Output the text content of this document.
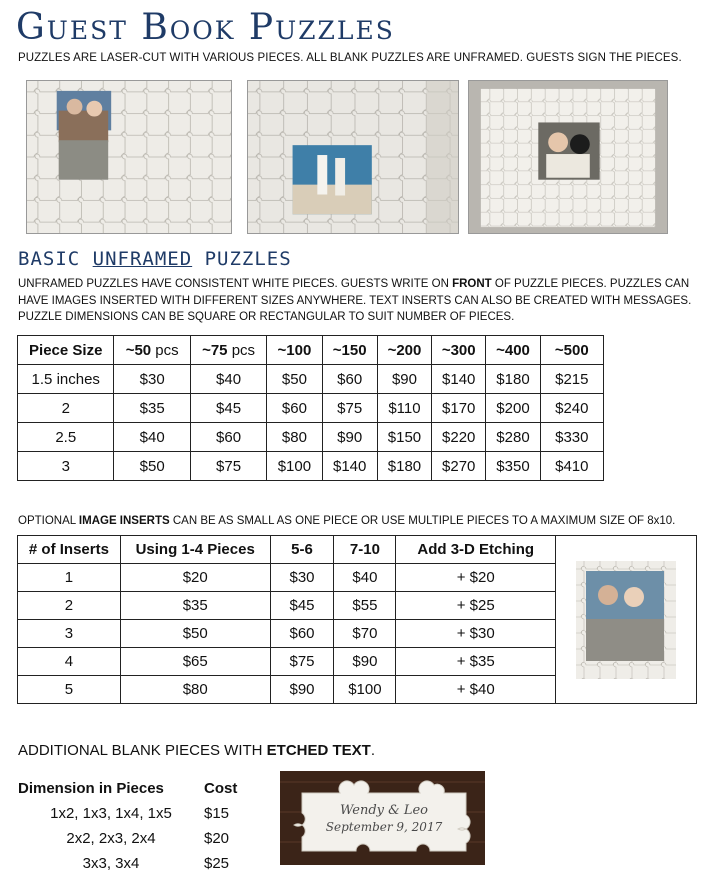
Guest Book Puzzles
PUZZLES ARE LASER-CUT WITH VARIOUS PIECES. ALL BLANK PUZZLES ARE UNFRAMED. GUESTS SIGN THE PIECES.
BASIC UNFRAMED PUZZLES
UNFRAMED PUZZLES HAVE CONSISTENT WHITE PIECES. GUESTS WRITE ON FRONT OF PUZZLE PIECES. PUZZLES CAN HAVE IMAGES INSERTED WITH DIFFERENT SIZES ANYWHERE. TEXT INSERTS CAN ALSO BE CREATED WITH MESSAGES. PUZZLE DIMENSIONS CAN BE SQUARE OR RECTANGULAR TO SUIT NUMBER OF PIECES.
Piece Size	~50 pcs	~75 pcs	~100	~150	~200	~300	~400	~500
1.5 inches	$30	$40	$50	$60	$90	$140	$180	$215
2	$35	$45	$60	$75	$110	$170	$200	$240
2.5	$40	$60	$80	$90	$150	$220	$280	$330
3	$50	$75	$100	$140	$180	$270	$350	$410
OPTIONAL IMAGE INSERTS CAN BE AS SMALL AS ONE PIECE OR USE MULTIPLE PIECES TO A MAXIMUM SIZE OF 8x10.
# of Inserts	Using 1-4 Pieces	5-6	7-10	Add 3-D Etching	

1	$20	$30	$40	+ $20	
2	$35	$45	$55	+ $25	
3	$50	$60	$70	+ $30	
4	$65	$75	$90	+ $35	
5	$80	$90	$100	+ $40	
ADDITIONAL BLANK PIECES WITH ETCHED TEXT.
Dimension in Pieces	Cost
1x2, 1x3, 1x4, 1x5	$15
2x2, 2x3, 2x4	$20
3x3, 3x4	$25
Wendy & Leo
September 9, 2017
